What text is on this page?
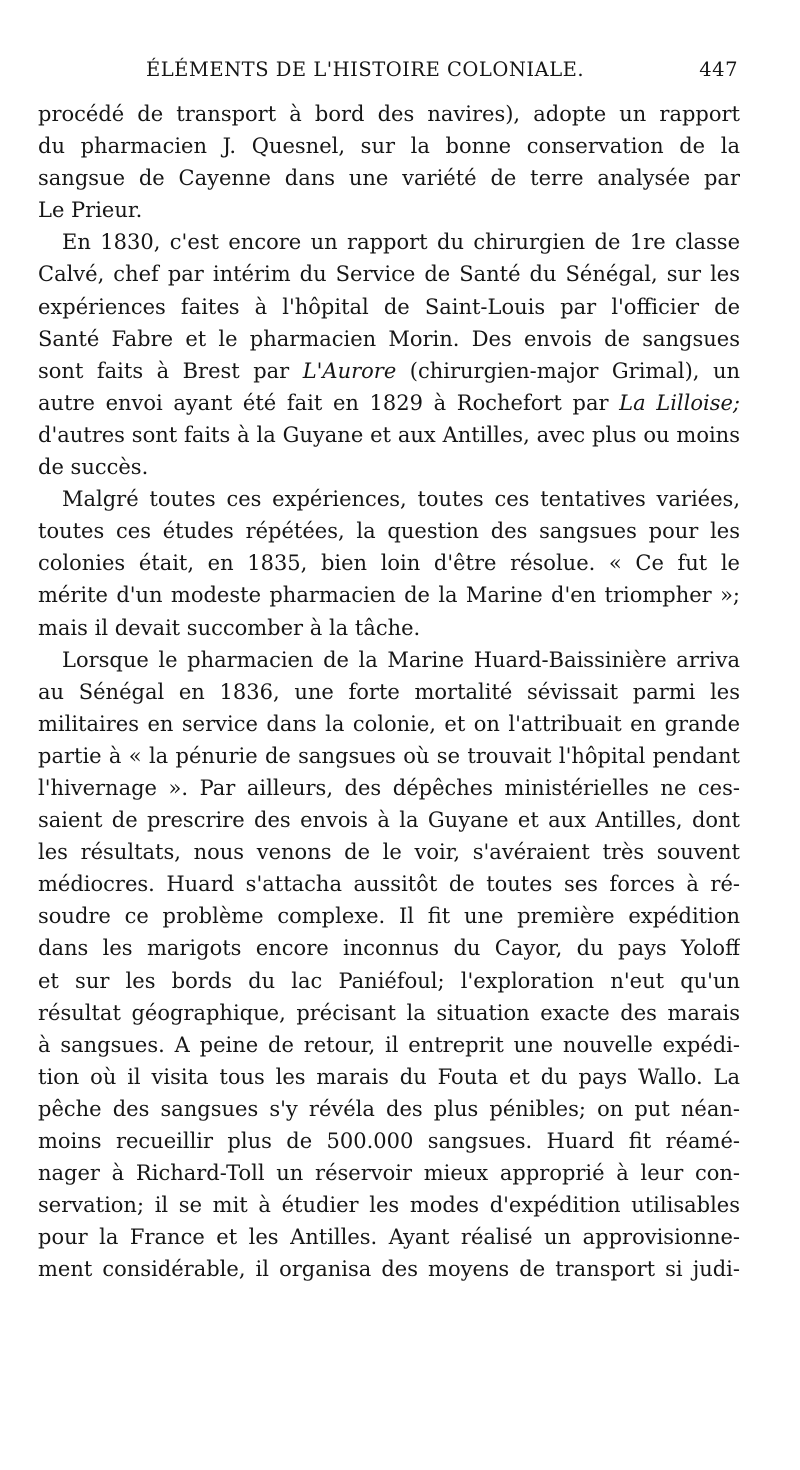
ÉLÉMENTS DE L'HISTOIRE COLONIALE.	447

procédé de transport à bord des navires), adopte un rapport
du pharmacien J. Quesnel, sur la bonne conservation de la
sangsue de Cayenne dans une variété de terre analysée par
Le Prieur.

En 1830, c'est encore un rapport du chirurgien de 1re classe
Calvé, chef par intérim du Service de Santé du Sénégal, sur les
expériences faites à l'hôpital de Saint-Louis par l'officier de
Santé Fabre et le pharmacien Morin. Des envois de sangsues
sont faits à Brest par L'Aurore (chirurgien-major Grimal), un
autre envoi ayant été fait en 1829 à Rochefort par La Lilloise;
d'autres sont faits à la Guyane et aux Antilles, avec plus ou moins
de succès.

Malgré toutes ces expériences, toutes ces tentatives variées,
toutes ces études répétées, la question des sangsues pour les
colonies était, en 1835, bien loin d'être résolue. « Ce fut le
mérite d'un modeste pharmacien de la Marine d'en triompher »;
mais il devait succomber à la tâche.

Lorsque le pharmacien de la Marine Huard-Baissinière arriva
au Sénégal en 1836, une forte mortalité sévissait parmi les
militaires en service dans la colonie, et on l'attribuait en grande
partie à « la pénurie de sangsues où se trouvait l'hôpital pendant
l'hivernage ». Par ailleurs, des dépêches ministérielles ne ces-
saient de prescrire des envois à la Guyane et aux Antilles, dont
les résultats, nous venons de le voir, s'avéraient très souvent
médiocres. Huard s'attacha aussitôt de toutes ses forces à ré-
soudre ce problème complexe. Il fit une première expédition
dans les marigots encore inconnus du Cayor, du pays Yoloff
et sur les bords du lac Paniéfoul; l'exploration n'eut qu'un
résultat géographique, précisant la situation exacte des marais
à sangsues. A peine de retour, il entreprit une nouvelle expédi-
tion où il visita tous les marais du Fouta et du pays Wallo. La
pêche des sangsues s'y révéla des plus pénibles; on put néan-
moins recueillir plus de 500.000 sangsues. Huard fit réamé-
nager à Richard-Toll un réservoir mieux approprié à leur con-
servation; il se mit à étudier les modes d'expédition utilisables
pour la France et les Antilles. Ayant réalisé un approvisionne-
ment considérable, il organisa des moyens de transport si judi-
